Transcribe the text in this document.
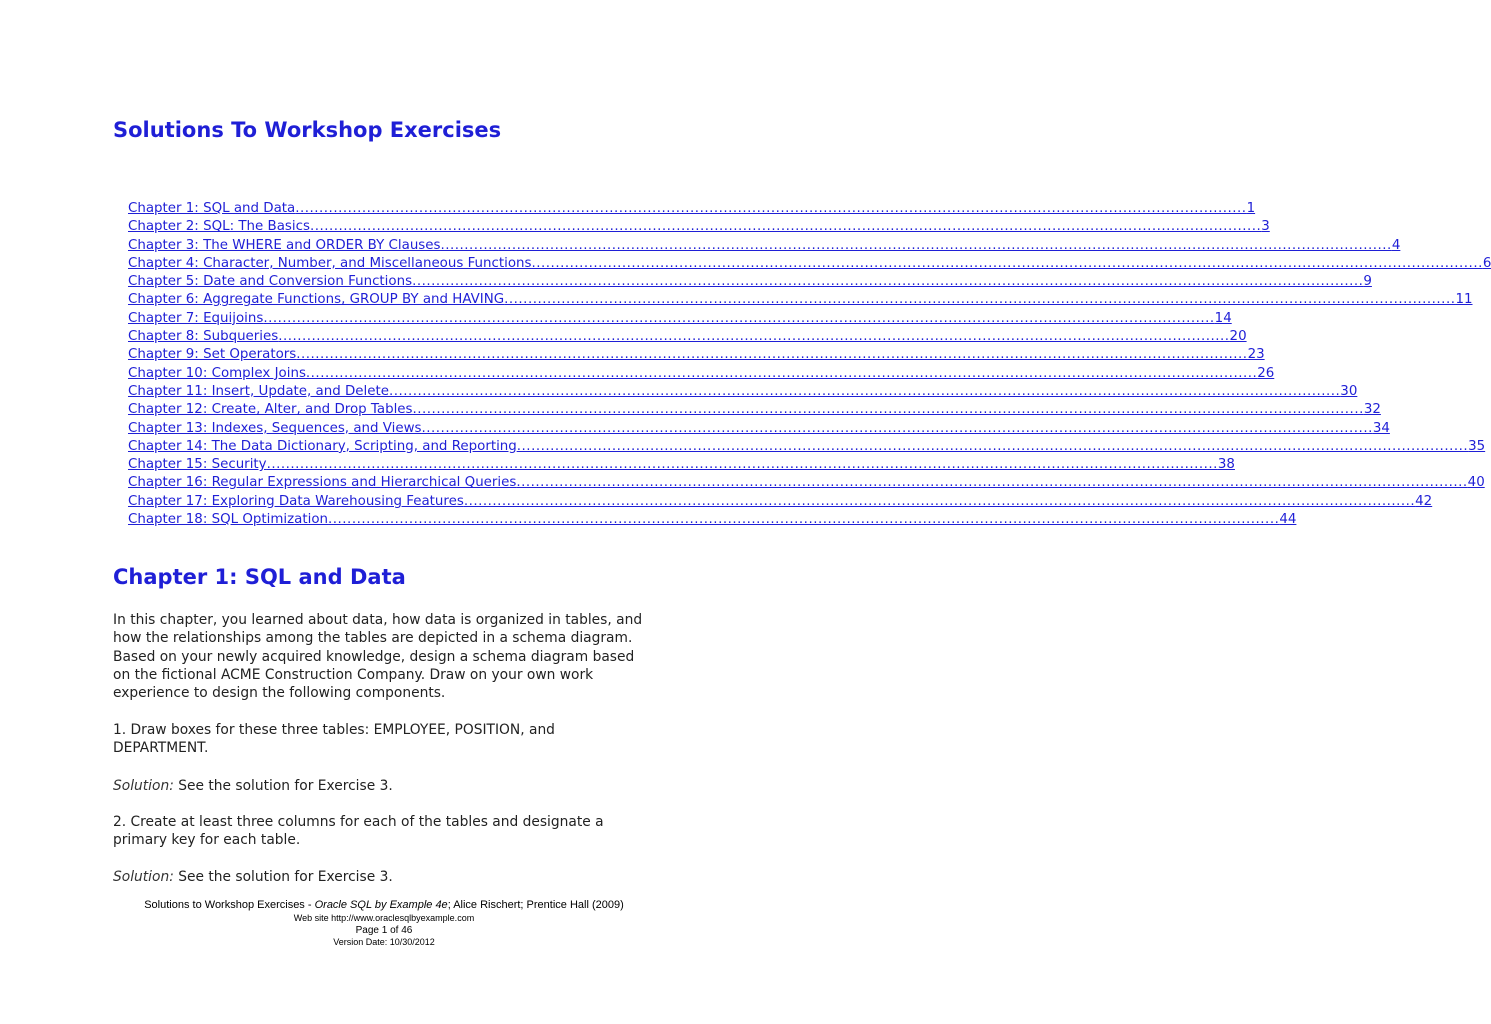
Solutions To Workshop Exercises
Chapter 1: SQL and Data ........................................................................................................................................................................................................ 1
Chapter 2: SQL: The Basics ........................................................................................................................................................................................................ 3
Chapter 3: The WHERE and ORDER BY Clauses ........................................................................................................................................................................................................ 4
Chapter 4: Character, Number, and Miscellaneous Functions ........................................................................................................................................................................................................ 6
Chapter 5: Date and Conversion Functions ........................................................................................................................................................................................................ 9
Chapter 6: Aggregate Functions, GROUP BY and HAVING ........................................................................................................................................................................................................ 11
Chapter 7: Equijoins ........................................................................................................................................................................................................ 14
Chapter 8: Subqueries ........................................................................................................................................................................................................ 20
Chapter 9: Set Operators ........................................................................................................................................................................................................ 23
Chapter 10: Complex Joins ........................................................................................................................................................................................................ 26
Chapter 11: Insert, Update, and Delete ........................................................................................................................................................................................................ 30
Chapter 12: Create, Alter, and Drop Tables ........................................................................................................................................................................................................ 32
Chapter 13: Indexes, Sequences, and Views ........................................................................................................................................................................................................ 34
Chapter 14: The Data Dictionary, Scripting, and Reporting ........................................................................................................................................................................................................ 35
Chapter 15: Security ........................................................................................................................................................................................................ 38
Chapter 16: Regular Expressions and Hierarchical Queries ........................................................................................................................................................................................................ 40
Chapter 17: Exploring Data Warehousing Features ........................................................................................................................................................................................................ 42
Chapter 18: SQL Optimization ........................................................................................................................................................................................................ 44
Chapter 1: SQL and Data

In this chapter, you learned about data, how data is organized in tables, and how the relationships among the tables are depicted in a schema diagram. Based on your newly acquired knowledge, design a schema diagram based on the fictional ACME Construction Company. Draw on your own work experience to design the following components.

1. Draw boxes for these three tables: EMPLOYEE, POSITION, and DEPARTMENT.

Solution: See the solution for Exercise 3.

2. Create at least three columns for each of the tables and designate a primary key for each table.

Solution: See the solution for Exercise 3.

Solutions to Workshop Exercises - Oracle SQL by Example 4e; Alice Rischert; Prentice Hall (2009)
Web site http://www.oraclesqlbyexample.com
Page 1 of 46
Version Date: 10/30/2012
